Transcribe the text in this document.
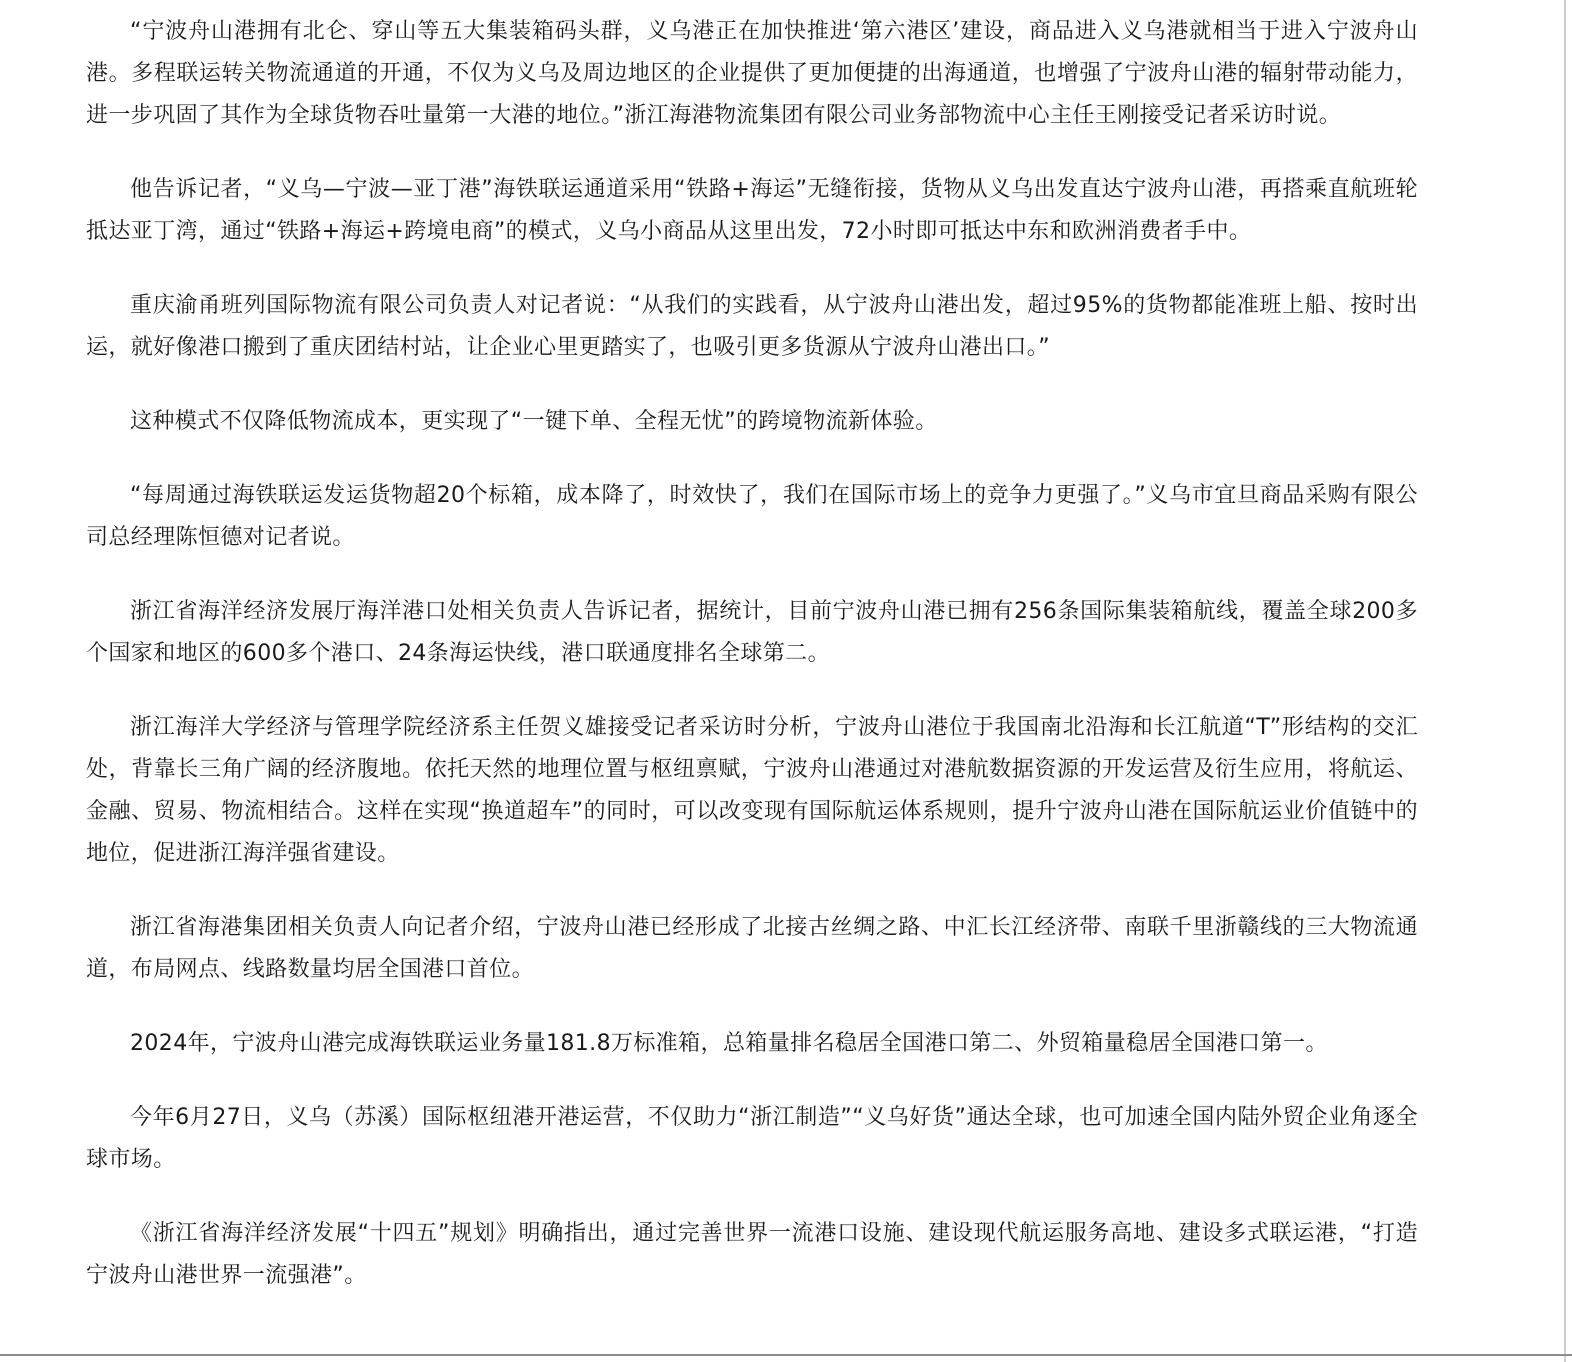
“宁波舟山港拥有北仑、穿山等五大集装箱码头群，义乌港正在加快推进‘第六港区’建设，商品进入义乌港就相当于进入宁波舟山港。多程联运转关物流通道的开通，不仅为义乌及周边地区的企业提供了更加便捷的出海通道，也增强了宁波舟山港的辐射带动能力，进一步巩固了其作为全球货物吞吐量第一大港的地位。”浙江海港物流集团有限公司业务部物流中心主任王刚接受记者采访时说。

他告诉记者，“义乌—宁波—亚丁港”海铁联运通道采用“铁路+海运”无缝衔接，货物从义乌出发直达宁波舟山港，再搭乘直航班轮抵达亚丁湾，通过“铁路+海运+跨境电商”的模式，义乌小商品从这里出发，72小时即可抵达中东和欧洲消费者手中。

重庆渝甬班列国际物流有限公司负责人对记者说：“从我们的实践看，从宁波舟山港出发，超过95%的货物都能准班上船、按时出运，就好像港口搬到了重庆团结村站，让企业心里更踏实了，也吸引更多货源从宁波舟山港出口。”

这种模式不仅降低物流成本，更实现了“一键下单、全程无忧”的跨境物流新体验。

“每周通过海铁联运发运货物超20个标箱，成本降了，时效快了，我们在国际市场上的竞争力更强了。”义乌市宜旦商品采购有限公司总经理陈恒德对记者说。

浙江省海洋经济发展厅海洋港口处相关负责人告诉记者，据统计，目前宁波舟山港已拥有256条国际集装箱航线，覆盖全球200多个国家和地区的600多个港口、24条海运快线，港口联通度排名全球第二。

浙江海洋大学经济与管理学院经济系主任贺义雄接受记者采访时分析，宁波舟山港位于我国南北沿海和长江航道“T”形结构的交汇处，背靠长三角广阔的经济腹地。依托天然的地理位置与枢纽禀赋，宁波舟山港通过对港航数据资源的开发运营及衍生应用，将航运、金融、贸易、物流相结合。这样在实现“换道超车”的同时，可以改变现有国际航运体系规则，提升宁波舟山港在国际航运业价值链中的地位，促进浙江海洋强省建设。

浙江省海港集团相关负责人向记者介绍，宁波舟山港已经形成了北接古丝绸之路、中汇长江经济带、南联千里浙赣线的三大物流通道，布局网点、线路数量均居全国港口首位。

2024年，宁波舟山港完成海铁联运业务量181.8万标准箱，总箱量排名稳居全国港口第二、外贸箱量稳居全国港口第一。

今年6月27日，义乌（苏溪）国际枢纽港开港运营，不仅助力“浙江制造”“义乌好货”通达全球，也可加速全国内陆外贸企业角逐全球市场。

《浙江省海洋经济发展“十四五”规划》明确指出，通过完善世界一流港口设施、建设现代航运服务高地、建设多式联运港，“打造宁波舟山港世界一流强港”。
